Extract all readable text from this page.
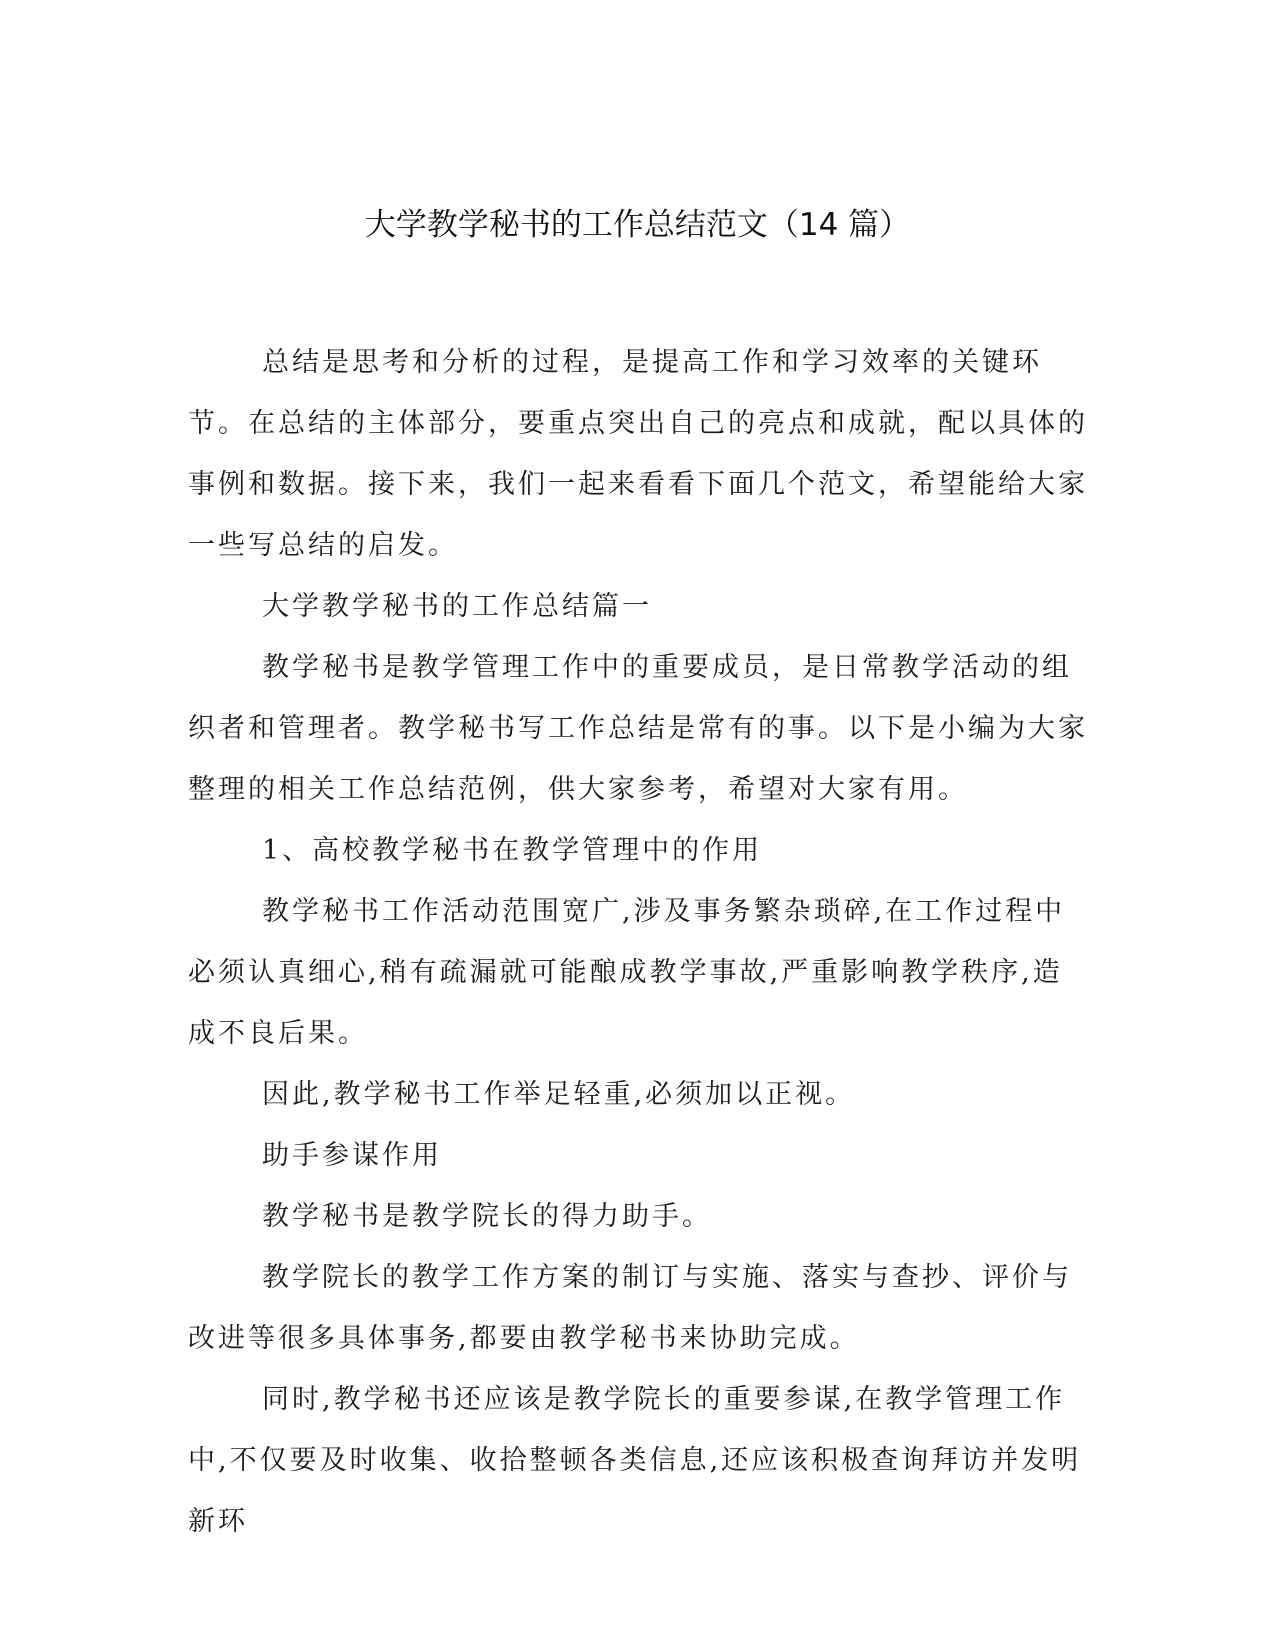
大学教学秘书的工作总结范文（14 篇）

总结是思考和分析的过程，是提高工作和学习效率的关键环节。在总结的主体部分，要重点突出自己的亮点和成就，配以具体的事例和数据。接下来，我们一起来看看下面几个范文，希望能给大家一些写总结的启发。

大学教学秘书的工作总结篇一

教学秘书是教学管理工作中的重要成员，是日常教学活动的组织者和管理者。教学秘书写工作总结是常有的事。以下是小编为大家整理的相关工作总结范例，供大家参考，希望对大家有用。

1、高校教学秘书在教学管理中的作用

教学秘书工作活动范围宽广,涉及事务繁杂琐碎,在工作过程中必须认真细心,稍有疏漏就可能酿成教学事故,严重影响教学秩序,造成不良后果。

因此,教学秘书工作举足轻重,必须加以正视。

助手参谋作用

教学秘书是教学院长的得力助手。

教学院长的教学工作方案的制订与实施、落实与查抄、评价与改进等很多具体事务,都要由教学秘书来协助完成。

同时,教学秘书还应该是教学院长的重要参谋,在教学管理工作中,不仅要及时收集、收拾整顿各类信息,还应该积极查询拜访并发明新环
